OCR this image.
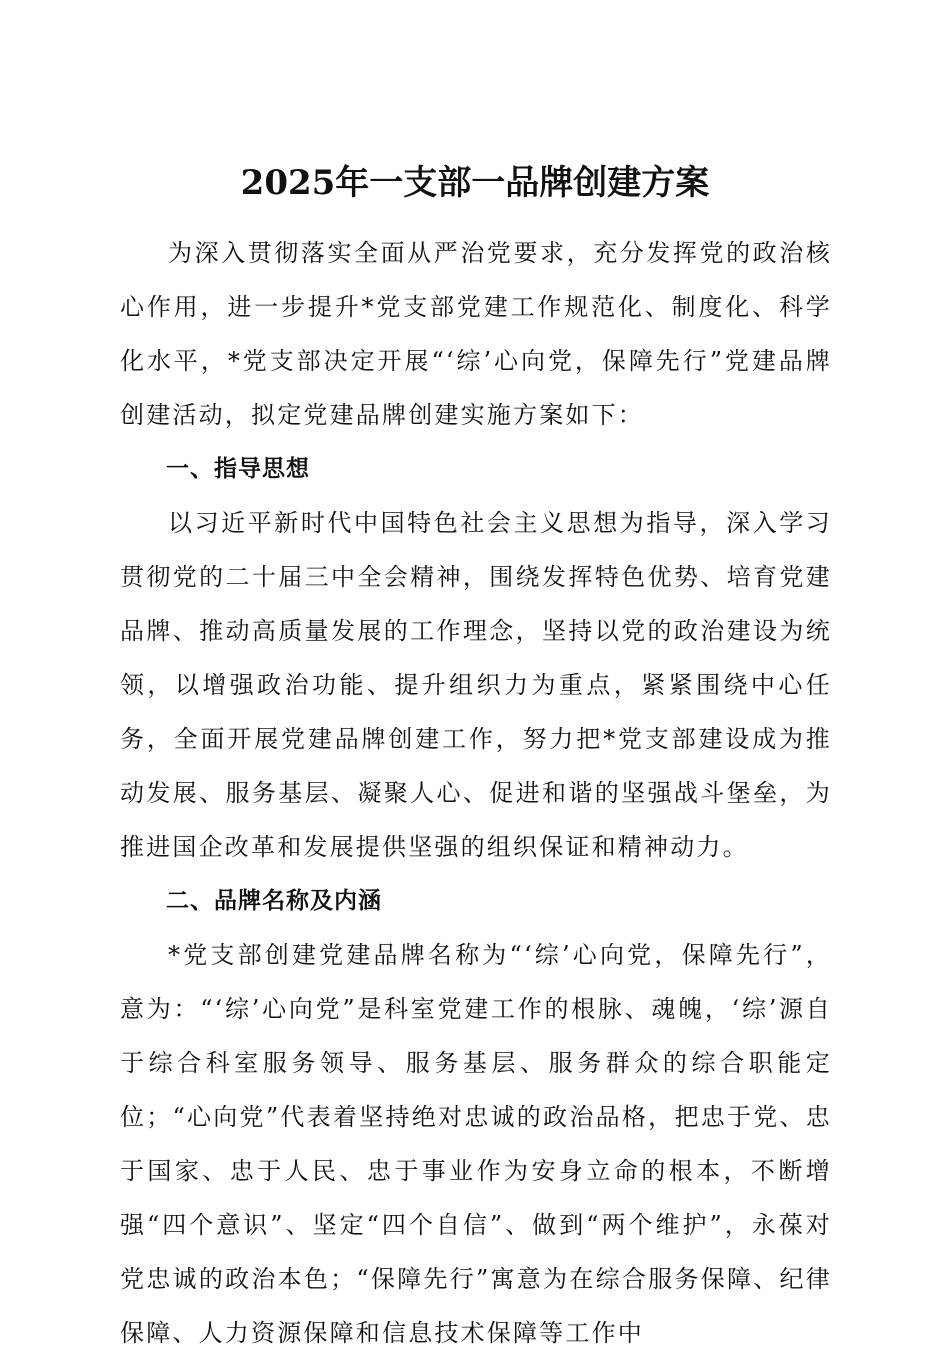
2025年一支部一品牌创建方案

为深入贯彻落实全面从严治党要求，充分发挥党的政治核心作用，进一步提升*党支部党建工作规范化、制度化、科学化水平，*党支部决定开展“‘综’心向党，保障先行”党建品牌创建活动，拟定党建品牌创建实施方案如下：

一、指导思想

以习近平新时代中国特色社会主义思想为指导，深入学习贯彻党的二十届三中全会精神，围绕发挥特色优势、培育党建品牌、推动高质量发展的工作理念，坚持以党的政治建设为统领，以增强政治功能、提升组织力为重点，紧紧围绕中心任务，全面开展党建品牌创建工作，努力把*党支部建设成为推动发展、服务基层、凝聚人心、促进和谐的坚强战斗堡垒，为推进国企改革和发展提供坚强的组织保证和精神动力。

二、品牌名称及内涵

*党支部创建党建品牌名称为“‘综’心向党，保障先行”，意为：“‘综’心向党”是科室党建工作的根脉、魂魄，‘综’源自于综合科室服务领导、服务基层、服务群众的综合职能定位；“心向党”代表着坚持绝对忠诚的政治品格，把忠于党、忠于国家、忠于人民、忠于事业作为安身立命的根本，不断增强“四个意识”、坚定“四个自信”、做到“两个维护”，永葆对党忠诚的政治本色；“保障先行”寓意为在综合服务保障、纪律保障、人力资源保障和信息技术保障等工作中
